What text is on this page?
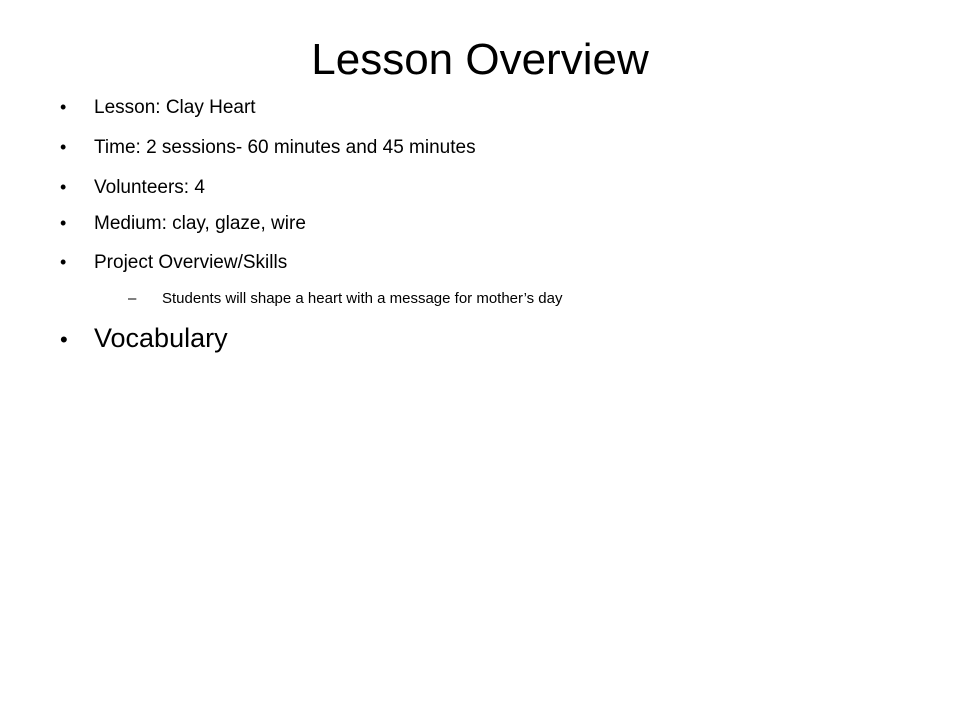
Lesson Overview
•	Lesson: Clay Heart
•	Time: 2 sessions- 60 minutes and 45 minutes
•	Volunteers: 4
•	Medium: clay, glaze, wire
•	Project Overview/Skills
–	Students will shape a heart with a message for mother’s day
• Vocabulary
